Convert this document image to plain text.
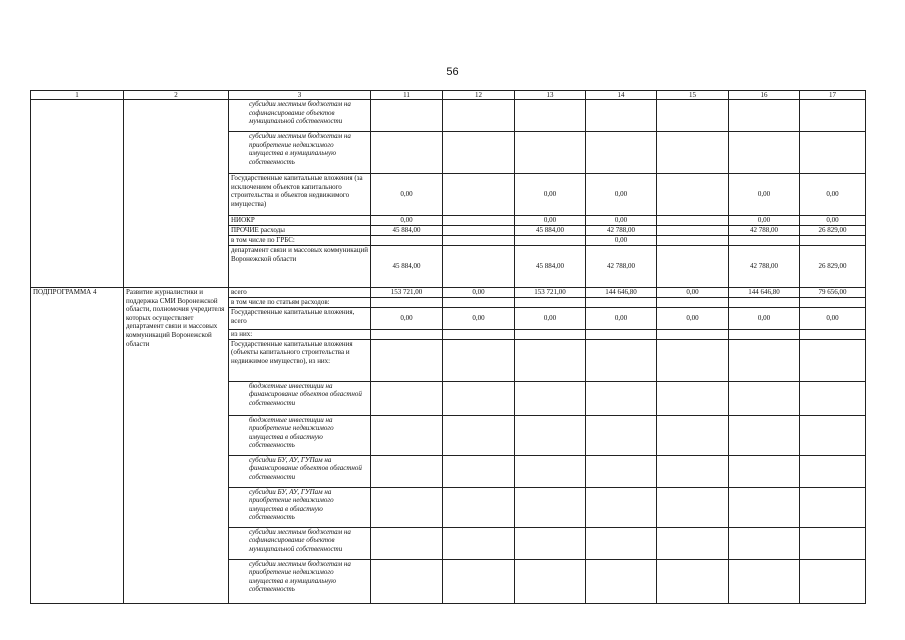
56
1	2	3	11	12	13	14	15	16	17
		субсидии местным бюджетам на софинансирование объектов муниципальной собственности							
		субсидии местным бюджетам на приобретение недвижимого имущества в муниципальную собственность							
		Государственные капитальные вложения (за исключением объектов капитального строительства и объектов недвижимого имущества)	0,00		0,00	0,00		0,00	0,00
		НИОКР	0,00		0,00	0,00		0,00	0,00
		ПРОЧИЕ расходы	45 884,00		45 884,00	42 788,00		42 788,00	26 829,00
		в том числе по ГРБС:				0,00			
		департамент связи и массовых коммуникаций Воронежской области	45 884,00		45 884,00	42 788,00		42 788,00	26 829,00
ПОДПРОГРАММА 4	Развитие журналистики и поддержка СМИ Воронежской области, полномочия учредителя которых осуществляет департамент связи и массовых коммуникаций Воронежской области	всего	153 721,00	0,00	153 721,00	144 646,80	0,00	144 646,80	79 656,00
		в том числе по статьям расходов:							
		Государственные капитальные вложения, всего	0,00	0,00	0,00	0,00	0,00	0,00	0,00
		из них:							
		Государственные капитальные вложения (объекты капитального строительства и недвижимое имущество), из них:							
		бюджетные инвестиции на финансирование объектов областной собственности							
		бюджетные инвестиции на приобретение недвижимого имущества в областную собственность							
		субсидии БУ, АУ, ГУПам на финансирование объектов областной собственности							
		субсидии БУ, АУ, ГУПам на приобретение недвижимого имущества в областную собственность							
		субсидии местным бюджетам на софинансирование объектов муниципальной собственности							
		субсидии местным бюджетам на приобретение недвижимого имущества в муниципальную собственность							
